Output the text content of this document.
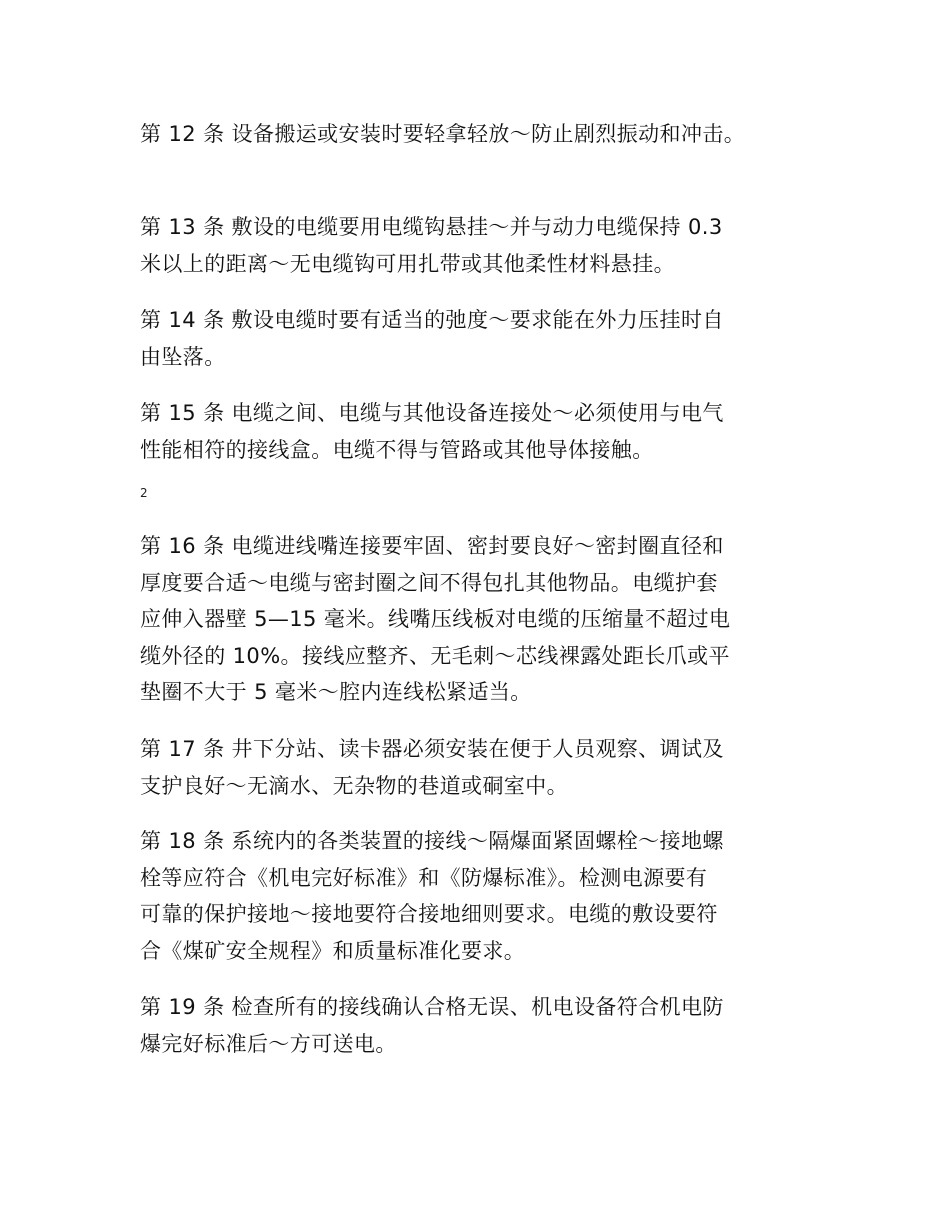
第 12 条 设备搬运或安装时要轻拿轻放～防止剧烈振动和冲击。

第 13 条 敷设的电缆要用电缆钩悬挂～并与动力电缆保持 0.3
米以上的距离～无电缆钩可用扎带或其他柔性材料悬挂。

第 14 条 敷设电缆时要有适当的弛度～要求能在外力压挂时自
由坠落。

第 15 条 电缆之间、电缆与其他设备连接处～必须使用与电气
性能相符的接线盒。电缆不得与管路或其他导体接触。

2

第 16 条 电缆进线嘴连接要牢固、密封要良好～密封圈直径和
厚度要合适～电缆与密封圈之间不得包扎其他物品。电缆护套
应伸入器壁 5—15 毫米。线嘴压线板对电缆的压缩量不超过电
缆外径的 10%。接线应整齐、无毛刺～芯线裸露处距长爪或平
垫圈不大于 5 毫米～腔内连线松紧适当。

第 17 条 井下分站、读卡器必须安装在便于人员观察、调试及
支护良好～无滴水、无杂物的巷道或硐室中。

第 18 条 系统内的各类装置的接线～隔爆面紧固螺栓～接地螺
栓等应符合《机电完好标准》和《防爆标准》。检测电源要有
可靠的保护接地～接地要符合接地细则要求。电缆的敷设要符
合《煤矿安全规程》和质量标准化要求。

第 19 条 检查所有的接线确认合格无误、机电设备符合机电防
爆完好标准后～方可送电。
